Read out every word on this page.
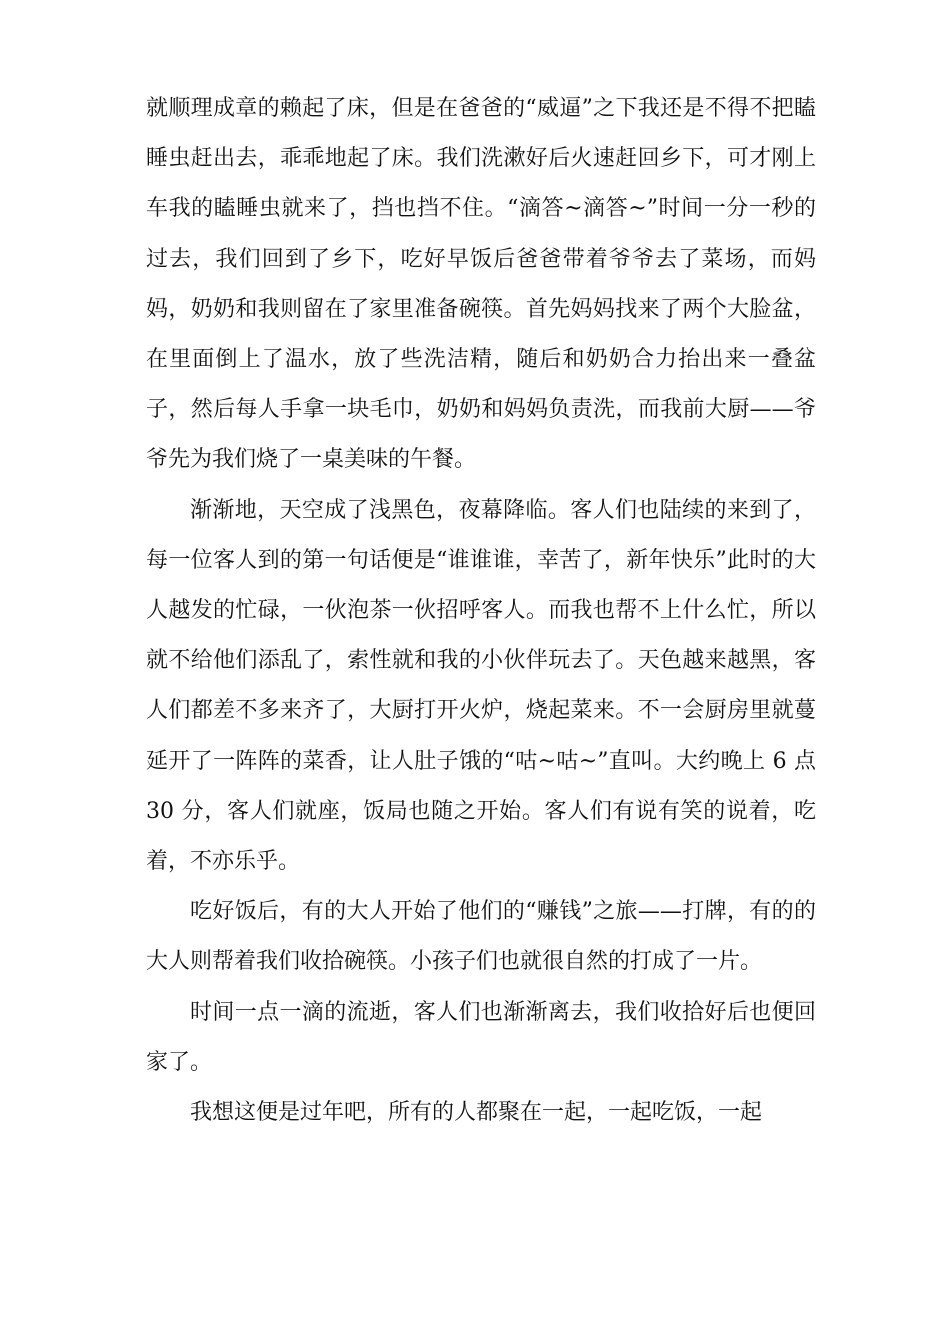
就顺理成章的赖起了床，但是在爸爸的“威逼”之下我还是不得不把瞌睡虫赶出去，乖乖地起了床。我们洗漱好后火速赶回乡下，可才刚上车我的瞌睡虫就来了，挡也挡不住。“滴答~滴答~”时间一分一秒的过去，我们回到了乡下，吃好早饭后爸爸带着爷爷去了菜场，而妈妈，奶奶和我则留在了家里准备碗筷。首先妈妈找来了两个大脸盆，在里面倒上了温水，放了些洗洁精，随后和奶奶合力抬出来一叠盆子，然后每人手拿一块毛巾，奶奶和妈妈负责洗，而我前大厨——爷爷先为我们烧了一桌美味的午餐。

渐渐地，天空成了浅黑色，夜幕降临。客人们也陆续的来到了，每一位客人到的第一句话便是“谁谁谁，幸苦了，新年快乐”此时的大人越发的忙碌，一伙泡茶一伙招呼客人。而我也帮不上什么忙，所以就不给他们添乱了，索性就和我的小伙伴玩去了。天色越来越黑，客人们都差不多来齐了，大厨打开火炉，烧起菜来。不一会厨房里就蔓延开了一阵阵的菜香，让人肚子饿的“咕~咕~”直叫。大约晚上 6 点 30 分，客人们就座，饭局也随之开始。客人们有说有笑的说着，吃着，不亦乐乎。

吃好饭后，有的大人开始了他们的“赚钱”之旅——打牌，有的的大人则帮着我们收拾碗筷。小孩子们也就很自然的打成了一片。

时间一点一滴的流逝，客人们也渐渐离去，我们收拾好后也便回家了。

我想这便是过年吧，所有的人都聚在一起，一起吃饭，一起
